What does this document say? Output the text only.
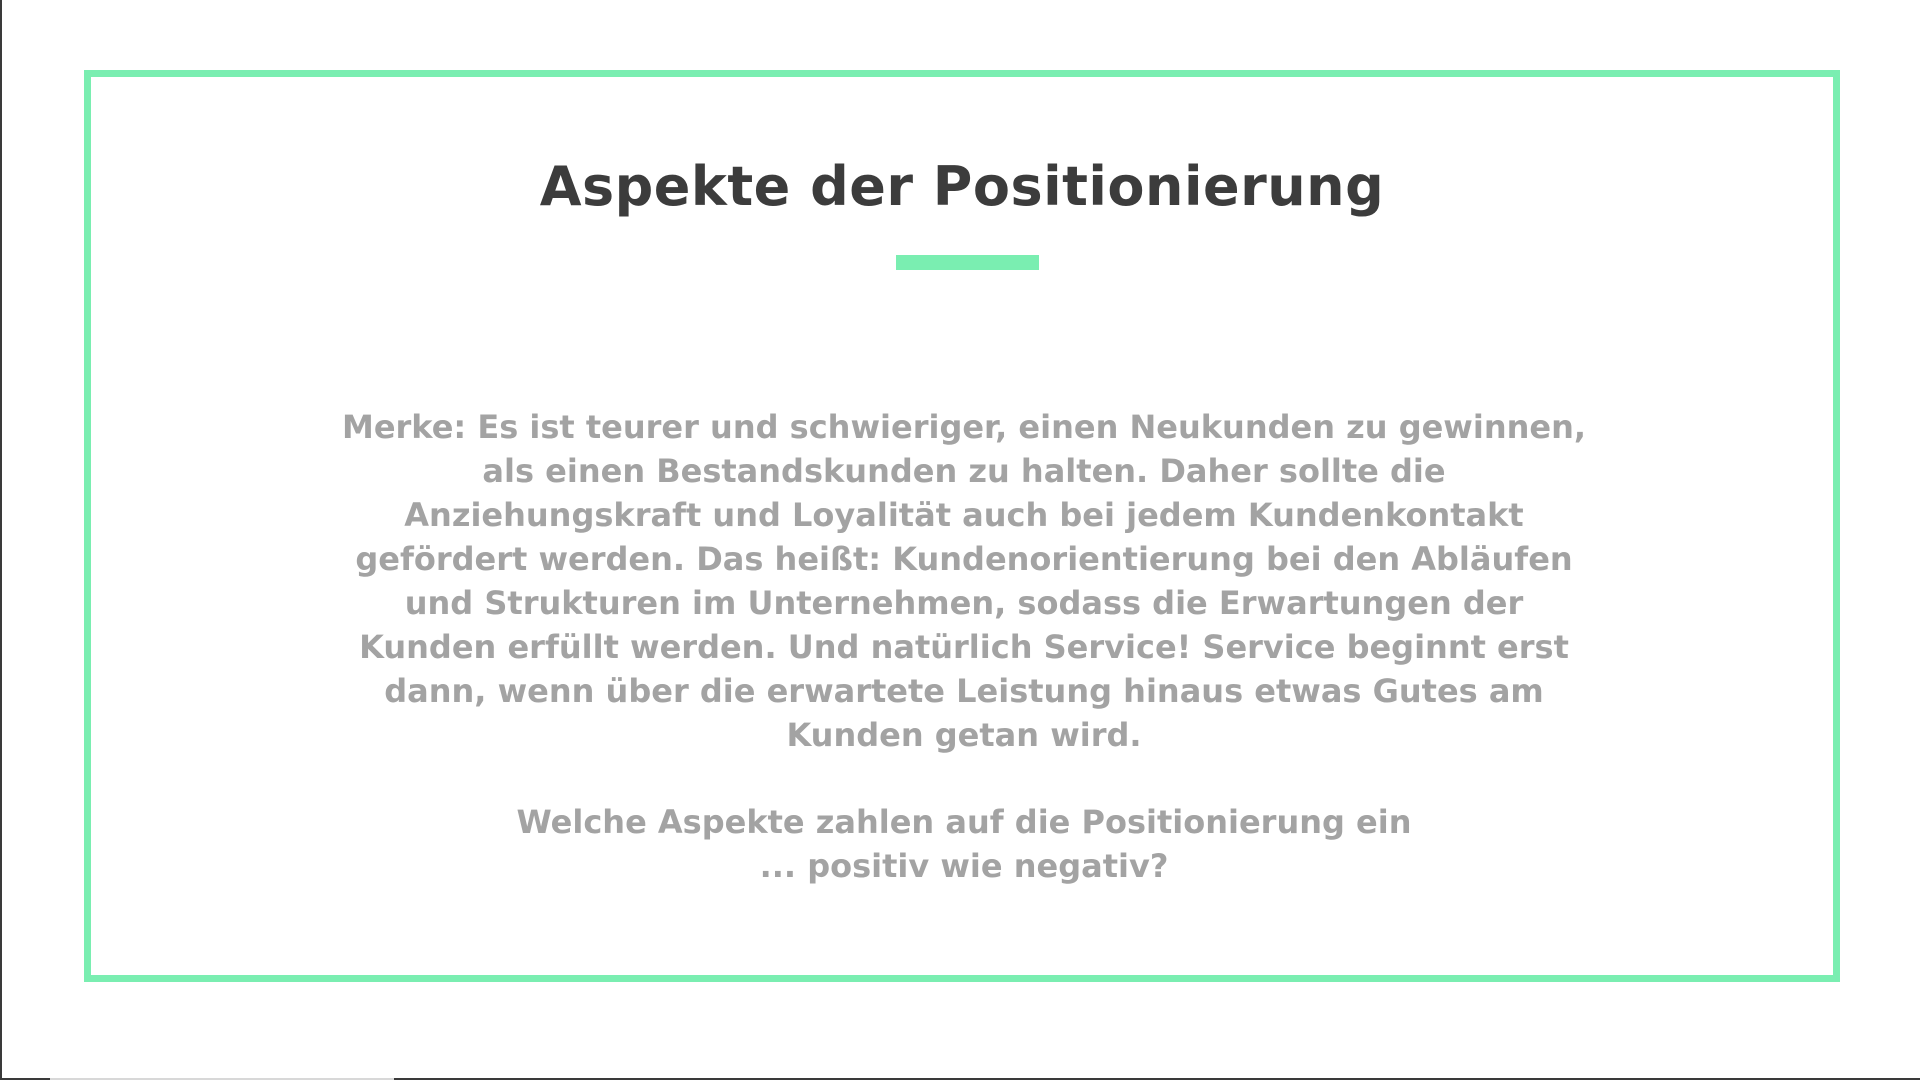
Aspekte der Positionierung
Merke: Es ist teurer und schwieriger, einen Neukunden zu gewinnen, als einen Bestandskunden zu halten. Daher sollte die Anziehungskraft und Loyalität auch bei jedem Kundenkontakt gefördert werden. Das heißt: Kundenorientierung bei den Abläufen und Strukturen im Unternehmen, sodass die Erwartungen der Kunden erfüllt werden. Und natürlich Service! Service beginnt erst dann, wenn über die erwartete Leistung hinaus etwas Gutes am Kunden getan wird.
Welche Aspekte zahlen auf die Positionierung ein
... positiv wie negativ?
